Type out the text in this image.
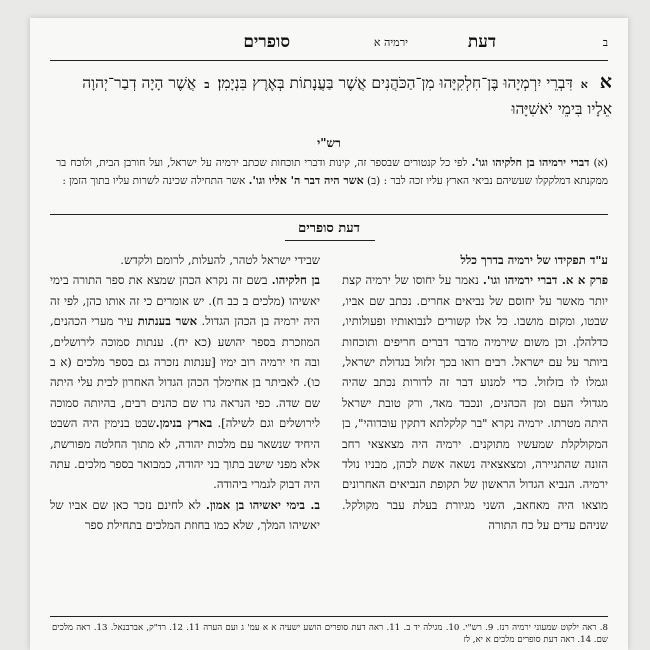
ב
דעת
ירמיה א
סופרים
א א דִּבְרֵי יִרְמְיָהוּ בֶּן־חִלְקִיָּהוּ מִן־הַכֹּהֲנִים אֲשֶׁר בַּעֲנָתוֹת בְּאֶרֶץ בִּנְיָמִן׃ ב אֲשֶׁר הָיָה דְבַר־יְהוָה אֵלָיו בִּימֵי יֹאשִׁיָּהוּ
רש"י
(א) דברי ירמיהו בן חלקיהו וגו'. לפי כל קנטורים שבספר זה, קינות ודברי תוכחות שכתב ירמיה על ישראל, ועל חורבן הבית, ולוכח בר ממקנתא דמלקקלו שעשיהם נביאי הארץ עליו זכה לבר : (ב) אשר היה דבר ה' אליו וגו'. אשר התחילה שכינה לשרות עליו בתוך הזמן :
דעת סופרים
ע"ד תפקידו של ירמיה בדרך כלל
פרק א א. דברי ירמיהו וגו'. נאמר על יחוסו של ירמיה קצת יותר מאשר על יחוסם של נביאים אחרים. נכתב שם אביו, שבטו, ומקום מושבו. כל אלו קשורים לנבואותיו ופעולותיו, כדלהלן. וכן משום שירמיה מדבר דברים חריפים ותוכחות ביותר על עם ישראל. רבים רואו בכך זלזול בגדולת ישראל, וגמלו לו בזלזול. כדי למנוע דבר זה לדורות נכתב שהיה מגדולי העם ומן הכהנים, ונכבד מאד, ורק טובת ישראל היתה מטרתו. ירמיה נקרא "בר קלקלתא דתקין עובדוהי", בן המקולקלת שמעשיו מתוקנים. ירמיה היה מצאצאי רחב הזונה שהתגיירה, ומצאצאיה נשאה אשת לכהן, מבניו נולד ירמיה. הנביא הגדול הראשון של תקופת הנביאים האחרונים מוצאו היה מאחאב, השני מגיורת בעלת עבר מקולקל. שניהם עדים על כח התורה
שבידי ישראל לטהר, להעלות, לרומם ולקדש.
בן חלקיהו. בשם זה נקרא הכהן שמצא את ספר התורה בימי יאשיהו (מלכים ב כב ח). יש אומרים כי זה אותו כהן, לפי זה היה ירמיה בן הכהן הגדול. אשר בענתות עיר מערי הכהנים, המוזכרת בספר יהושע (כא יח). ענתות סמוכה לירושלים, ובה חי ירמיה רוב ימיו [ענתות נזכרה גם בספר מלכים (א ב כו). לאביתר בן אחימלך הכהן הגדול האחרון לבית עלי היתה שם שדה. כפי הנראה גרו שם כהנים רבים, בהיותה סמוכה לירושלים וגם לשילה]. בארץ בנימן.שבט בנימין היה השבט היחיד שנשאר עם מלכות יהודה, לא מתוך החלטה מפורשת, אלא מפני שישב בתוך בני יהודה, כמבואר בספר מלכים. עתה היה דבוק לגמרי ביהודה.
ב. בימי יאשיהו בן אמון. לא לחינם נזכר כאן שם אביו של יאשיהו המלך, שלא כמו בחוזת המלכים בתחילת ספר
8. ראה ילקוט שמעוני ירמיה רנז. 9. רש"י. 10. מגילה יד ב. 11. ראה דעת סופרים הושע ישעיה א א עמ' ג ועם הערה 11. 12. רד"ק, אברבנאל. 13. ראה מלכים שם. 14. ראה דעת סופרים מלכים א יא, לז
